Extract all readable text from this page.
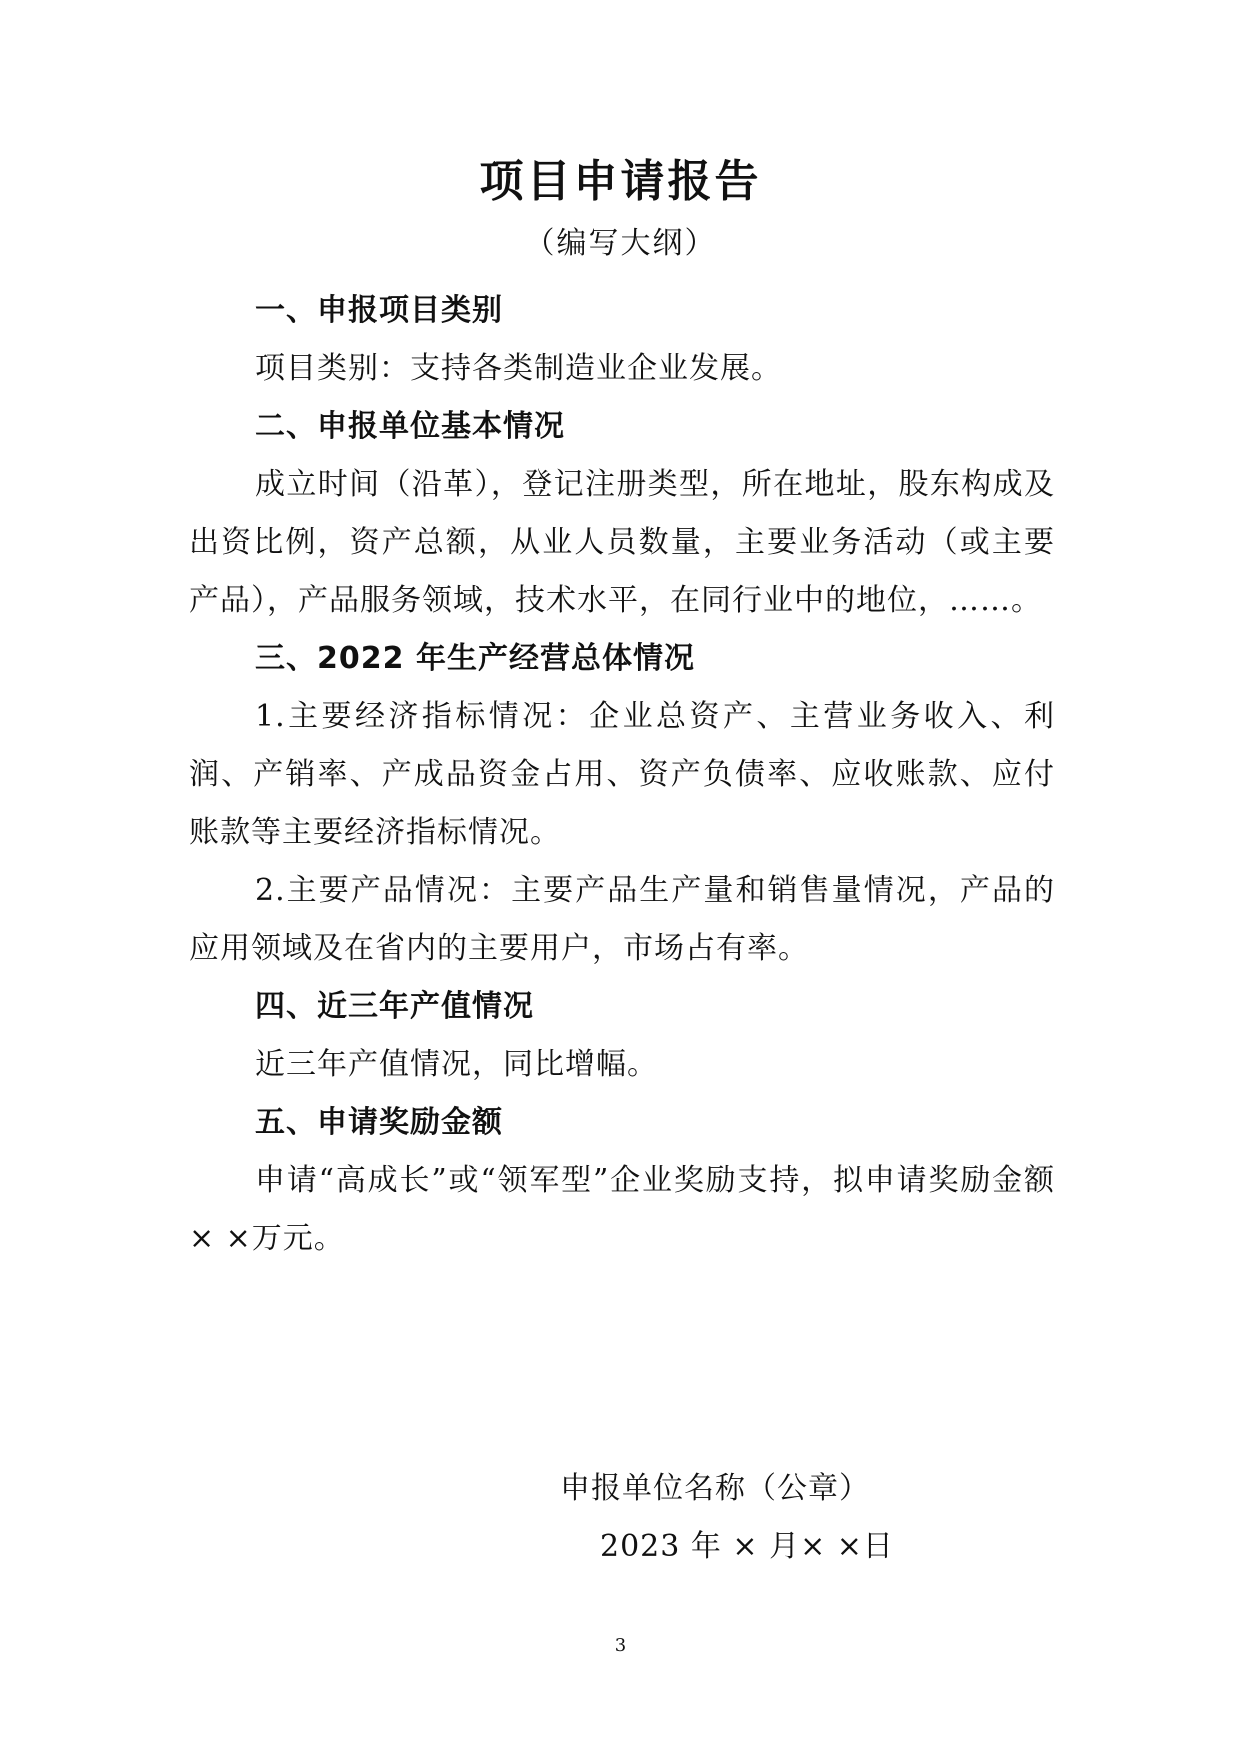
项目申请报告
（编写大纲）
一、申报项目类别

项目类别：支持各类制造业企业发展。

二、申报单位基本情况

成立时间（沿革），登记注册类型，所在地址，股东构成及出资比例，资产总额，从业人员数量，主要业务活动（或主要产品），产品服务领域，技术水平，在同行业中的地位，……。

三、2022 年生产经营总体情况

1.主要经济指标情况：企业总资产、主营业务收入、利润、产销率、产成品资金占用、资产负债率、应收账款、应付账款等主要经济指标情况。

2.主要产品情况：主要产品生产量和销售量情况，产品的应用领域及在省内的主要用户，市场占有率。

四、近三年产值情况

近三年产值情况，同比增幅。

五、申请奖励金额

申请“高成长”或“领军型”企业奖励支持，拟申请奖励金额× ×万元。

申报单位名称（公章）
2023 年 × 月× ×日
3
